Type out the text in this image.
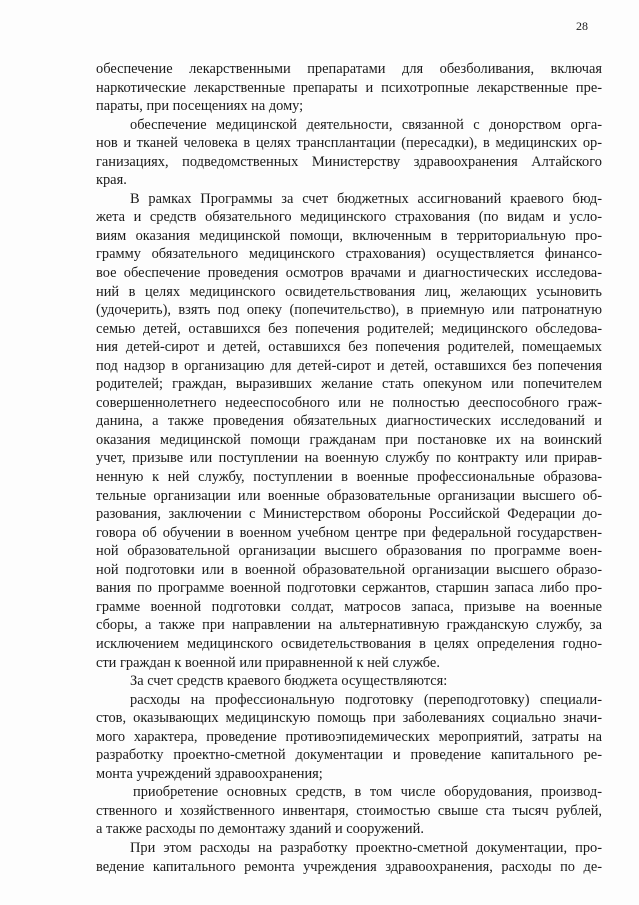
28
обеспечение лекарственными препаратами для обезболивания, включая
наркотические лекарственные препараты и психотропные лекарственные пре-
параты, при посещениях на дому;
обеспечение медицинской деятельности, связанной с донорством орга-
нов и тканей человека в целях трансплантации (пересадки), в медицинских ор-
ганизациях, подведомственных Министерству здравоохранения Алтайского
края.
В рамках Программы за счет бюджетных ассигнований краевого бюд-
жета и средств обязательного медицинского страхования (по видам и усло-
виям оказания медицинской помощи, включенным в территориальную про-
грамму обязательного медицинского страхования) осуществляется финансо-
вое обеспечение проведения осмотров врачами и диагностических исследова-
ний в целях медицинского освидетельствования лиц, желающих усыновить
(удочерить), взять под опеку (попечительство), в приемную или патронатную
семью детей, оставшихся без попечения родителей; медицинского обследова-
ния детей-сирот и детей, оставшихся без попечения родителей, помещаемых
под надзор в организацию для детей-сирот и детей, оставшихся без попечения
родителей; граждан, выразивших желание стать опекуном или попечителем
совершеннолетнего недееспособного или не полностью дееспособного граж-
данина, а также проведения обязательных диагностических исследований и
оказания медицинской помощи гражданам при постановке их на воинский
учет, призыве или поступлении на военную службу по контракту или прирав-
ненную к ней службу, поступлении в военные профессиональные образова-
тельные организации или военные образовательные организации высшего об-
разования, заключении с Министерством обороны Российской Федерации до-
говора об обучении в военном учебном центре при федеральной государствен-
ной образовательной организации высшего образования по программе воен-
ной подготовки или в военной образовательной организации высшего образо-
вания по программе военной подготовки сержантов, старшин запаса либо про-
грамме военной подготовки солдат, матросов запаса, призыве на военные
сборы, а также при направлении на альтернативную гражданскую службу, за
исключением медицинского освидетельствования в целях определения годно-
сти граждан к военной или приравненной к ней службе.
За счет средств краевого бюджета осуществляются:
расходы на профессиональную подготовку (переподготовку) специали-
стов, оказывающих медицинскую помощь при заболеваниях социально значи-
мого характера, проведение противоэпидемических мероприятий, затраты на
разработку проектно-сметной документации и проведение капитального ре-
монта учреждений здравоохранения;
приобретение основных средств, в том числе оборудования, производ-
ственного и хозяйственного инвентаря, стоимостью свыше ста тысяч рублей,
а также расходы по демонтажу зданий и сооружений.
При этом расходы на разработку проектно-сметной документации, про-
ведение капитального ремонта учреждения здравоохранения, расходы по де-
